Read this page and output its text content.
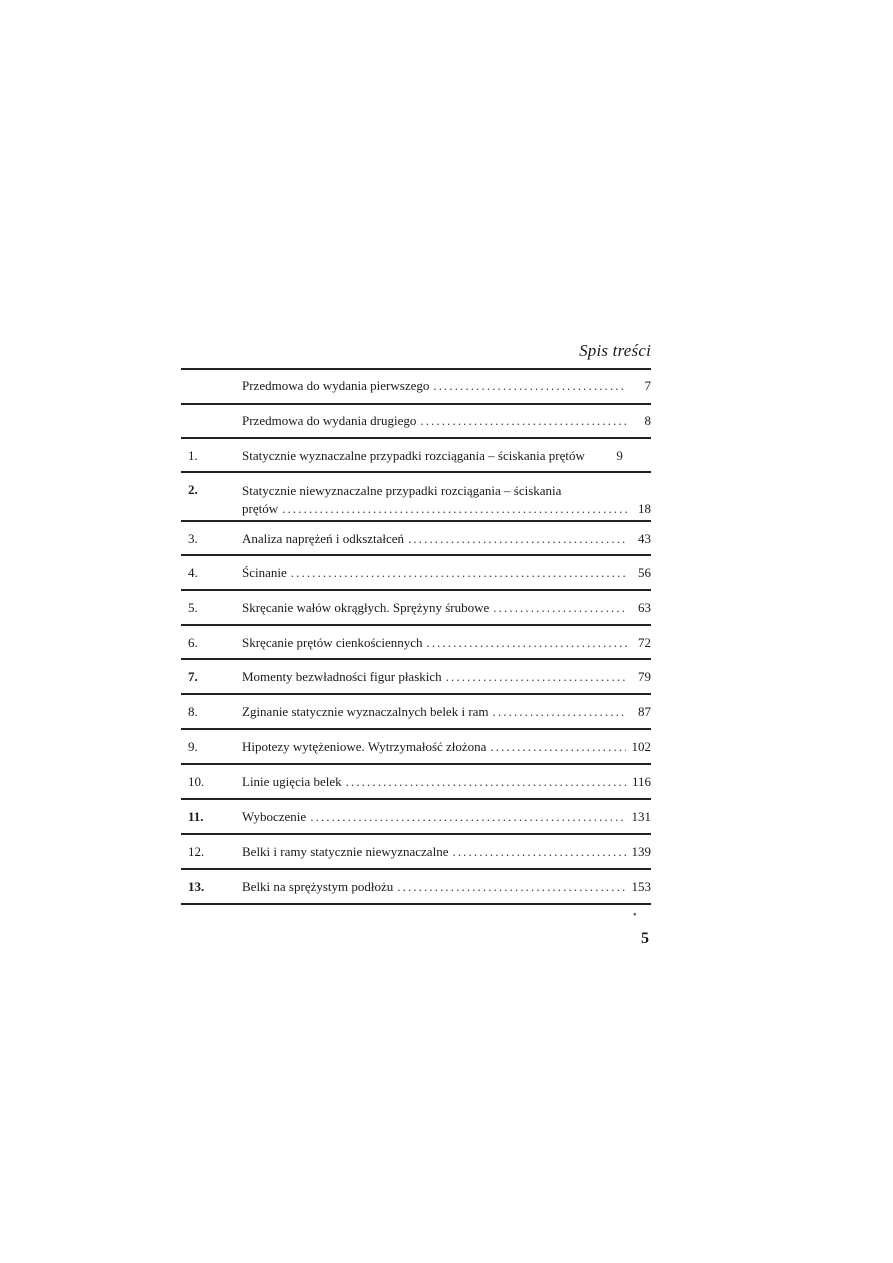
Spis treści
Przedmowa do wydania pierwszego .....	7
Przedmowa do wydania drugiego .....	8
1.	Statycznie wyznaczalne przypadki rozciągania – ściskania prętów	9
2.	Statycznie niewyznaczalne przypadki rozciągania – ściskania
prętów .....	18
3.	Analiza naprężeń i odkształceń .....	43
4.	Ścinanie .....	56
5.	Skręcanie wałów okrągłych. Sprężyny śrubowe .....	63
6.	Skręcanie prętów cienkościennych .....	72
7.	Momenty bezwładności figur płaskich .....	79
8.	Zginanie statycznie wyznaczalnych belek i ram .....	87
9.	Hipotezy wytężeniowe. Wytrzymałość złożona .....	102
10.	Linie ugięcia belek .....	116
11.	Wyboczenie .....	131
12.	Belki i ramy statycznie niewyznaczalne .....	139
13.	Belki na sprężystym podłożu .....	153
•
5
